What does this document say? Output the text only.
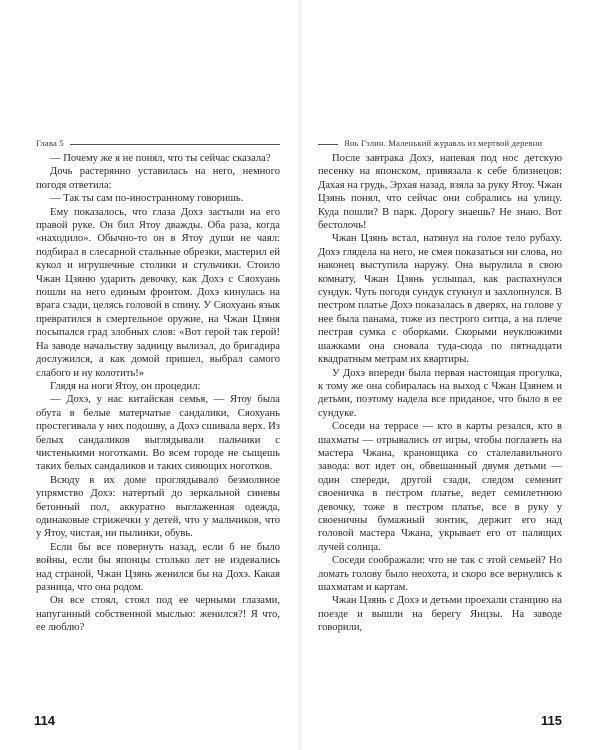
Глава 5

— Почему же я не понял, что ты сейчас сказала?

Дочь растерянно уставилась на него, немного погодя ответила:

— Так ты сам по-иностранному говоришь.

Ему показалось, что глаза Дохэ застыли на его правой руке. Он бил Ятоу дважды. Оба раза, когда «находило». Обычно-то он в Ятоу души не чаял: подбирал в слесарной стальные обрезки, мастерил ей кукол и игрушечные столики и стульчики. Стоило Чжан Цзяню ударить девочку, как Дохэ с Сяохуань пошли на него единым фронтом. Дохэ кинулась на врага сзади, целясь головой в спину. У Сяохуань язык превратился в смертельное оружие, на Чжан Цзяня посыпался град злобных слов: «Вот герой так герой! На заводе начальству задницу вылизал, до бригадира дослужился, а как домой пришел, выбрал самого слабого и ну колотить!»

Глядя на ноги Ятоу, он процедил:

— Дохэ, у нас китайская семья, — Ятоу была обута в белые матерчатые сандалики, Сяохуань простегивала у них подошву, а Дохэ сшивала верх. Из белых сандаликов выглядывали пальчики с чистенькими ноготками. Во всем городе не сыщешь таких белых сандаликов и таких сияющих ноготков.

Всюду в их доме проглядывало безмолвное упрямство Дохэ: натертый до зеркальной синевы бетонный пол, аккуратно выглаженная одежда, одинаковые стрижечки у детей, что у мальчиков, что у Ятоу, чистая, ни пылинки, обувь.

Если бы все повернуть назад, если б не было войны, если бы японцы столько лет не издевались над страной, Чжан Цзянь женился бы на Дохэ. Какая разница, что она родом.

Он все стоял, стоял под ее черными глазами, напуганный собственной мыслью: женился?! Я что, ее люблю?

114
Янь Гэлин. Маленький журавль из мертвой деревни

После завтрака Дохэ, напевая под нос детскую песенку на японском, привязала к себе близнецов: Дахая на грудь, Эрхая назад, взяла за руку Ятоу. Чжан Цзянь понял, что сейчас они собрались на улицу. Куда пошли? В парк. Дорогу знаешь? Не знаю. Вот бестолочь!

Чжан Цзянь встал, натянул на голое тело рубаху. Дохэ глядела на него, не смея показаться ни слова, но наконец выступила наружу. Она вырулила в свою комнату, Чжан Цзянь услышал, как распахнулся сундук. Чуть погодя сундук стукнул и захлопнулся. В пестром платье Дохэ показалась в дверях, на голове у нее была панама, тоже из пестрого ситца, а на плече пестрая сумка с оборками. Скорыми неуклюжими шажками она сновала туда-сюда по пятнадцати квадратным метрам их квартиры.

У Дохэ впереди была первая настоящая прогулка, к тому же она собиралась на выход с Чжан Цзянем и детьми, поэтому надела все приданое, что было в ее сундуке.

Соседи на террасе — кто в карты резался, кто в шахматы — отрывались от игры, чтобы поглазеть на мастера Чжана, крановщика со сталелавильного завода: вот идет он, обвешанный двумя детьми — один спереди, другой сзади, следом семенит своеничка в пестром платье, ведет семилетнюю девочку, тоже в пестром платье, все в руку у своеничны бумажный зонтик, держит его над головой мастера Чжана, укрывает его от палящих лучей солнца.

Соседи соображали: что не так с этой семьей? Но ломать голову было неохота, и скоро все вернулись к шахматам и картам.

Чжан Цзянь с Дохэ и детьми проехали станцию на поезде и вышли на берегу Янцзы. На заводе говорили,

115
